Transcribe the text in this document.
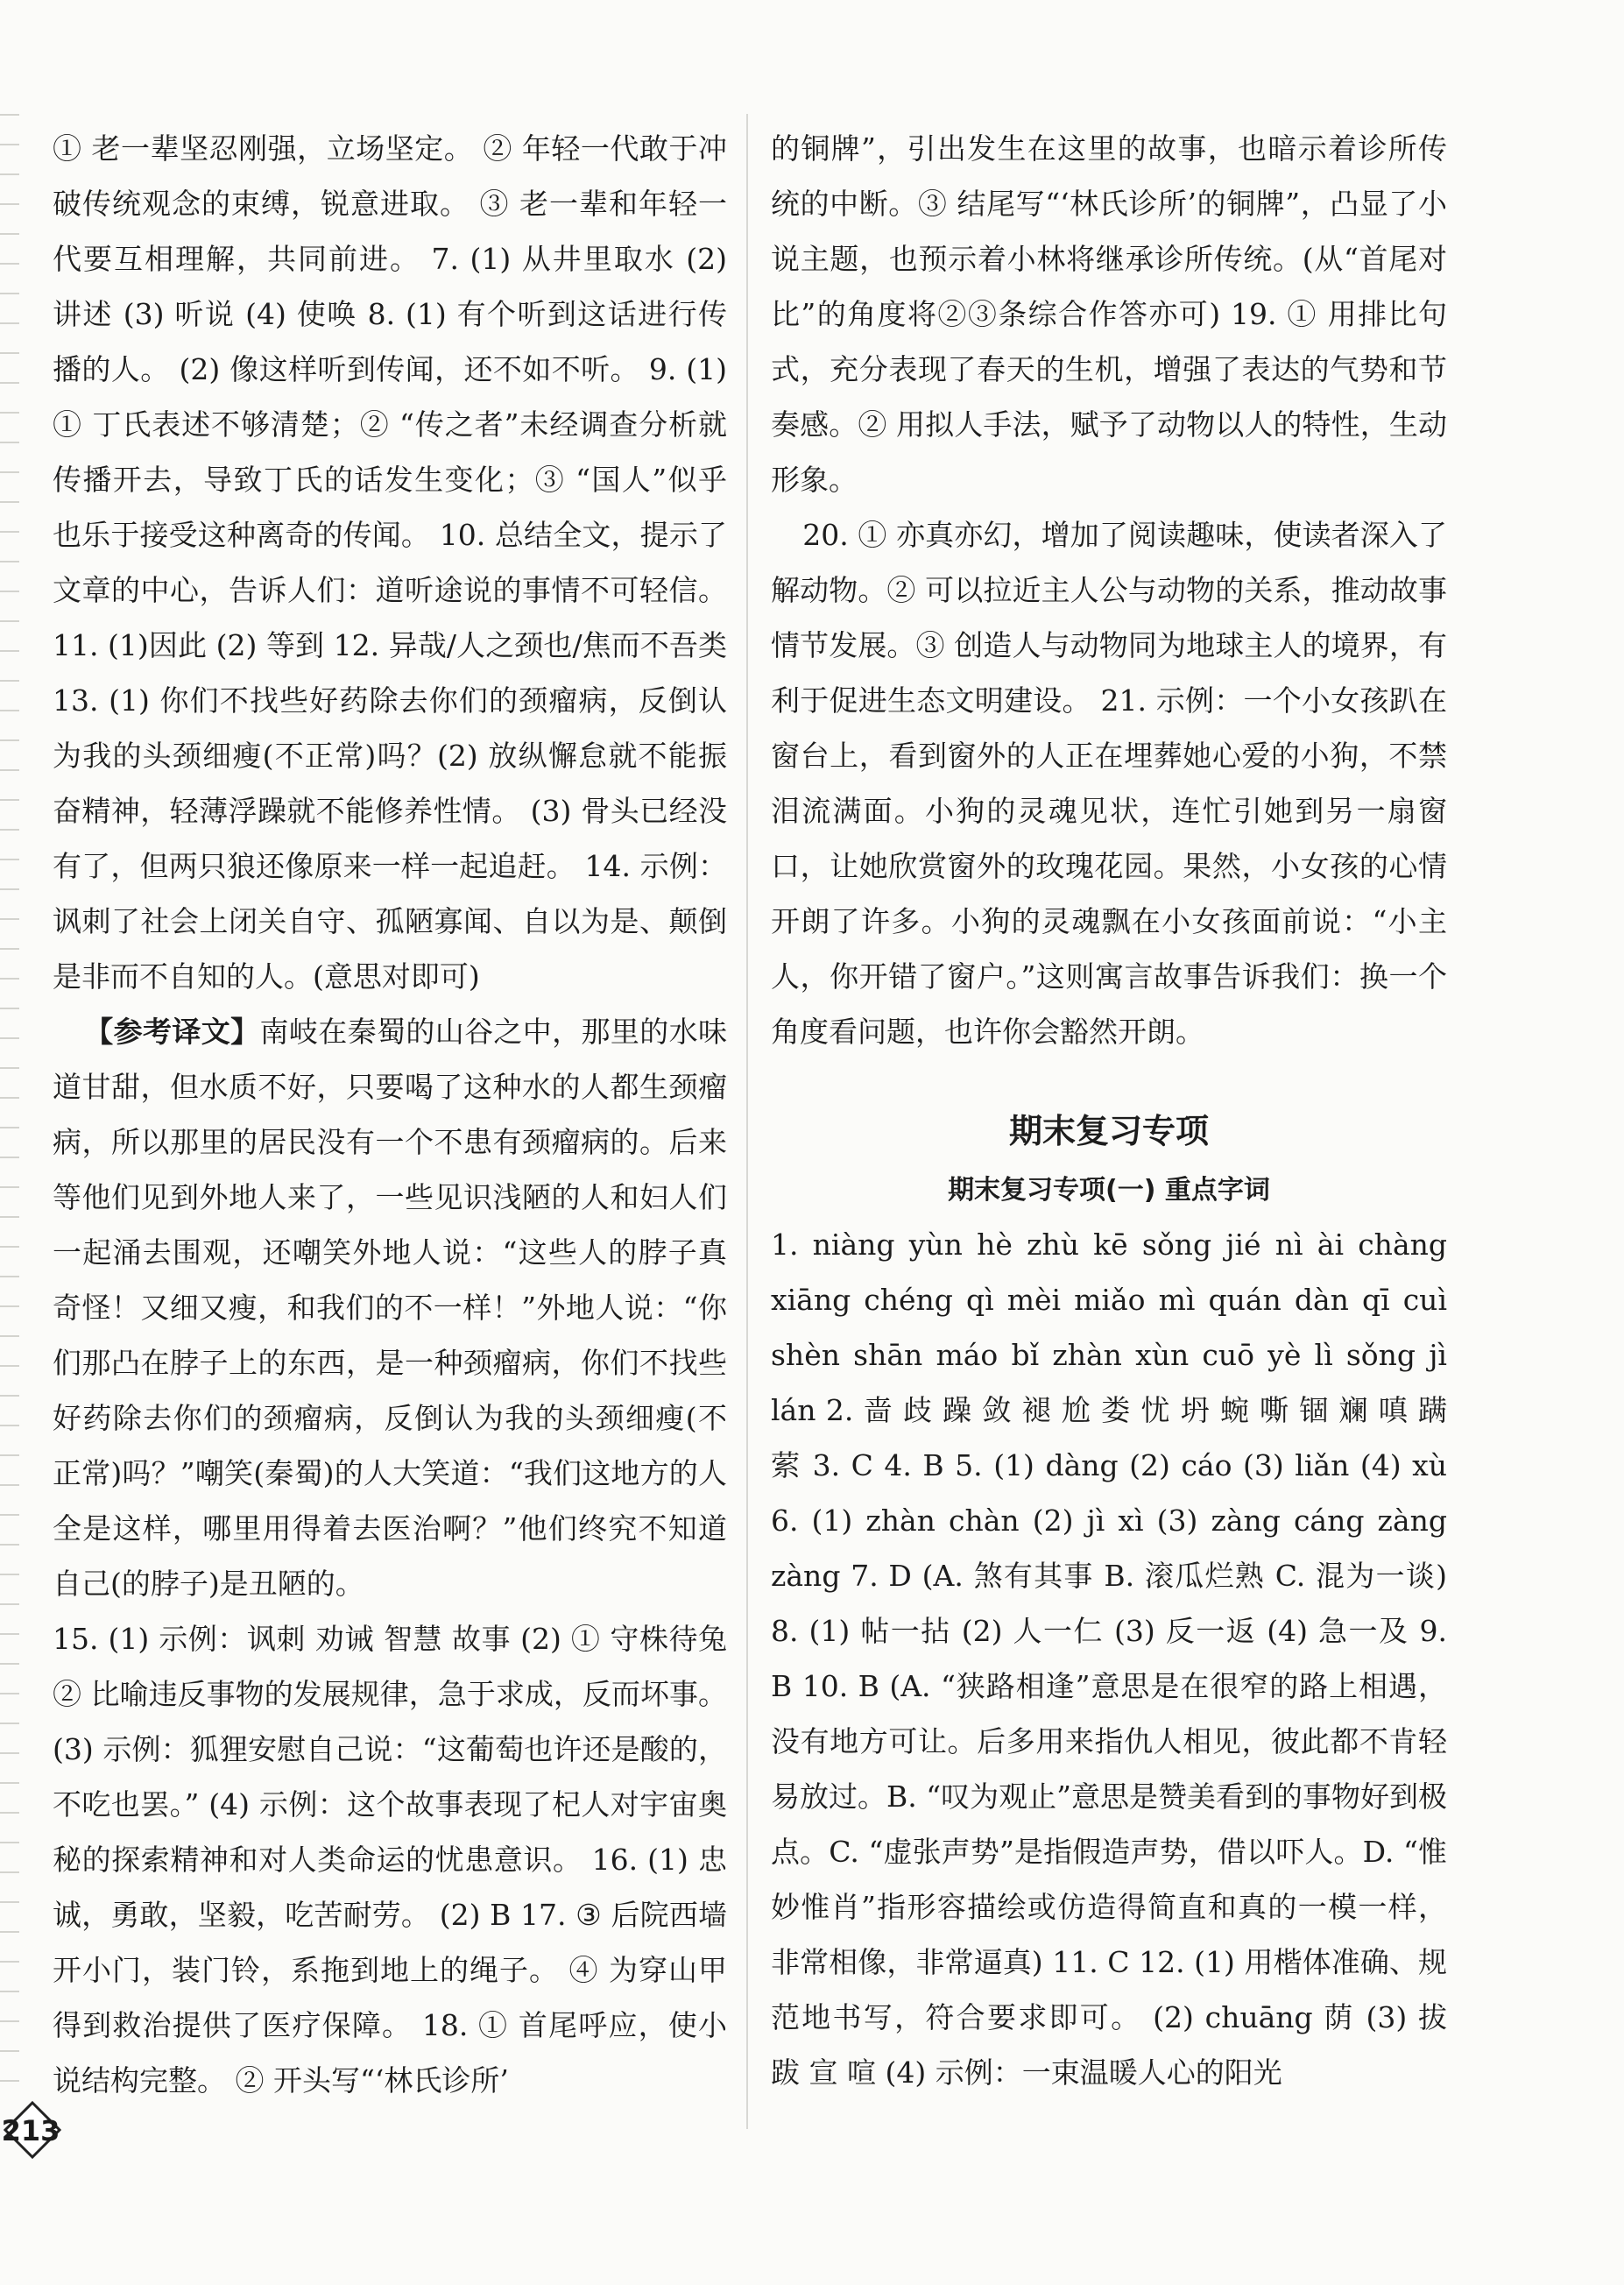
① 老一辈坚忍刚强，立场坚定。 ② 年轻一代敢于冲破传统观念的束缚，锐意进取。 ③ 老一辈和年轻一代要互相理解，共同前进。 7. (1) 从井里取水 (2) 讲述 (3) 听说 (4) 使唤 8. (1) 有个听到这话进行传播的人。 (2) 像这样听到传闻，还不如不听。 9. (1) ① 丁氏表述不够清楚；② “传之者”未经调查分析就传播开去，导致丁氏的话发生变化；③ “国人”似乎也乐于接受这种离奇的传闻。 10. 总结全文，提示了文章的中心，告诉人们：道听途说的事情不可轻信。 11. (1)因此 (2) 等到 12. 异哉/人之颈也/焦而不吾类 13. (1) 你们不找些好药除去你们的颈瘤病，反倒认为我的头颈细瘦(不正常)吗？(2) 放纵懈怠就不能振奋精神，轻薄浮躁就不能修养性情。 (3) 骨头已经没有了，但两只狼还像原来一样一起追赶。 14. 示例：讽刺了社会上闭关自守、孤陋寡闻、自以为是、颠倒是非而不自知的人。(意思对即可)

【参考译文】南岐在秦蜀的山谷之中，那里的水味道甘甜，但水质不好，只要喝了这种水的人都生颈瘤病，所以那里的居民没有一个不患有颈瘤病的。后来等他们见到外地人来了，一些见识浅陋的人和妇人们一起涌去围观，还嘲笑外地人说：“这些人的脖子真奇怪！又细又瘦，和我们的不一样！”外地人说：“你们那凸在脖子上的东西，是一种颈瘤病，你们不找些好药除去你们的颈瘤病，反倒认为我的头颈细瘦(不正常)吗？”嘲笑(秦蜀)的人大笑道：“我们这地方的人全是这样，哪里用得着去医治啊？”他们终究不知道自己(的脖子)是丑陋的。

15. (1) 示例：讽刺 劝诫 智慧 故事 (2) ① 守株待兔 ② 比喻违反事物的发展规律，急于求成，反而坏事。 (3) 示例：狐狸安慰自己说：“这葡萄也许还是酸的，不吃也罢。” (4) 示例：这个故事表现了杞人对宇宙奥秘的探索精神和对人类命运的忧患意识。 16. (1) 忠诚，勇敢，坚毅，吃苦耐劳。 (2) B 17. ③ 后院西墙开小门，装门铃，系拖到地上的绳子。 ④ 为穿山甲得到救治提供了医疗保障。 18. ① 首尾呼应，使小说结构完整。 ② 开头写“‘林氏诊所’

的铜牌”，引出发生在这里的故事，也暗示着诊所传统的中断。③ 结尾写“‘林氏诊所’的铜牌”，凸显了小说主题，也预示着小林将继承诊所传统。(从“首尾对比”的角度将②③条综合作答亦可) 19. ① 用排比句式，充分表现了春天的生机，增强了表达的气势和节奏感。② 用拟人手法，赋予了动物以人的特性，生动形象。

20. ① 亦真亦幻，增加了阅读趣味，使读者深入了解动物。② 可以拉近主人公与动物的关系，推动故事情节发展。③ 创造人与动物同为地球主人的境界，有利于促进生态文明建设。 21. 示例：一个小女孩趴在窗台上，看到窗外的人正在埋葬她心爱的小狗，不禁泪流满面。小狗的灵魂见状，连忙引她到另一扇窗口，让她欣赏窗外的玫瑰花园。果然，小女孩的心情开朗了许多。小狗的灵魂飘在小女孩面前说：“小主人，你开错了窗户。”这则寓言故事告诉我们：换一个角度看问题，也许你会豁然开朗。

期末复习专项
期末复习专项(一) 重点字词

1. niàng yùn hè zhù kē sǒng jié nì ài chàng xiāng chéng qì mèi miǎo mì quán dàn qī cuì shèn shān máo bǐ zhàn xùn cuō yè lì sǒng jì lán 2. 啬 歧 躁 敛 褪 尬 娄 忧 坍 蜿 嘶 锢 斓 嗔 蹒 萦 3. C 4. B 5. (1) dàng (2) cáo (3) liǎn (4) xù 6. (1) zhàn chàn (2) jì xì (3) zàng cáng zàng zàng 7. D (A. 煞有其事 B. 滚瓜烂熟 C. 混为一谈) 8. (1) 帖一拈 (2) 人一仁 (3) 反一返 (4) 急一及 9. B 10. B (A. “狭路相逢”意思是在很窄的路上相遇，没有地方可让。后多用来指仇人相见，彼此都不肯轻易放过。B. “叹为观止”意思是赞美看到的事物好到极点。C. “虚张声势”是指假造声势，借以吓人。D. “惟妙惟肖”指形容描绘或仿造得简直和真的一模一样，非常相像，非常逼真) 11. C 12. (1) 用楷体准确、规范地书写，符合要求即可。 (2) chuāng 荫 (3) 拔 跋 宣 喧 (4) 示例：一束温暖人心的阳光

213
